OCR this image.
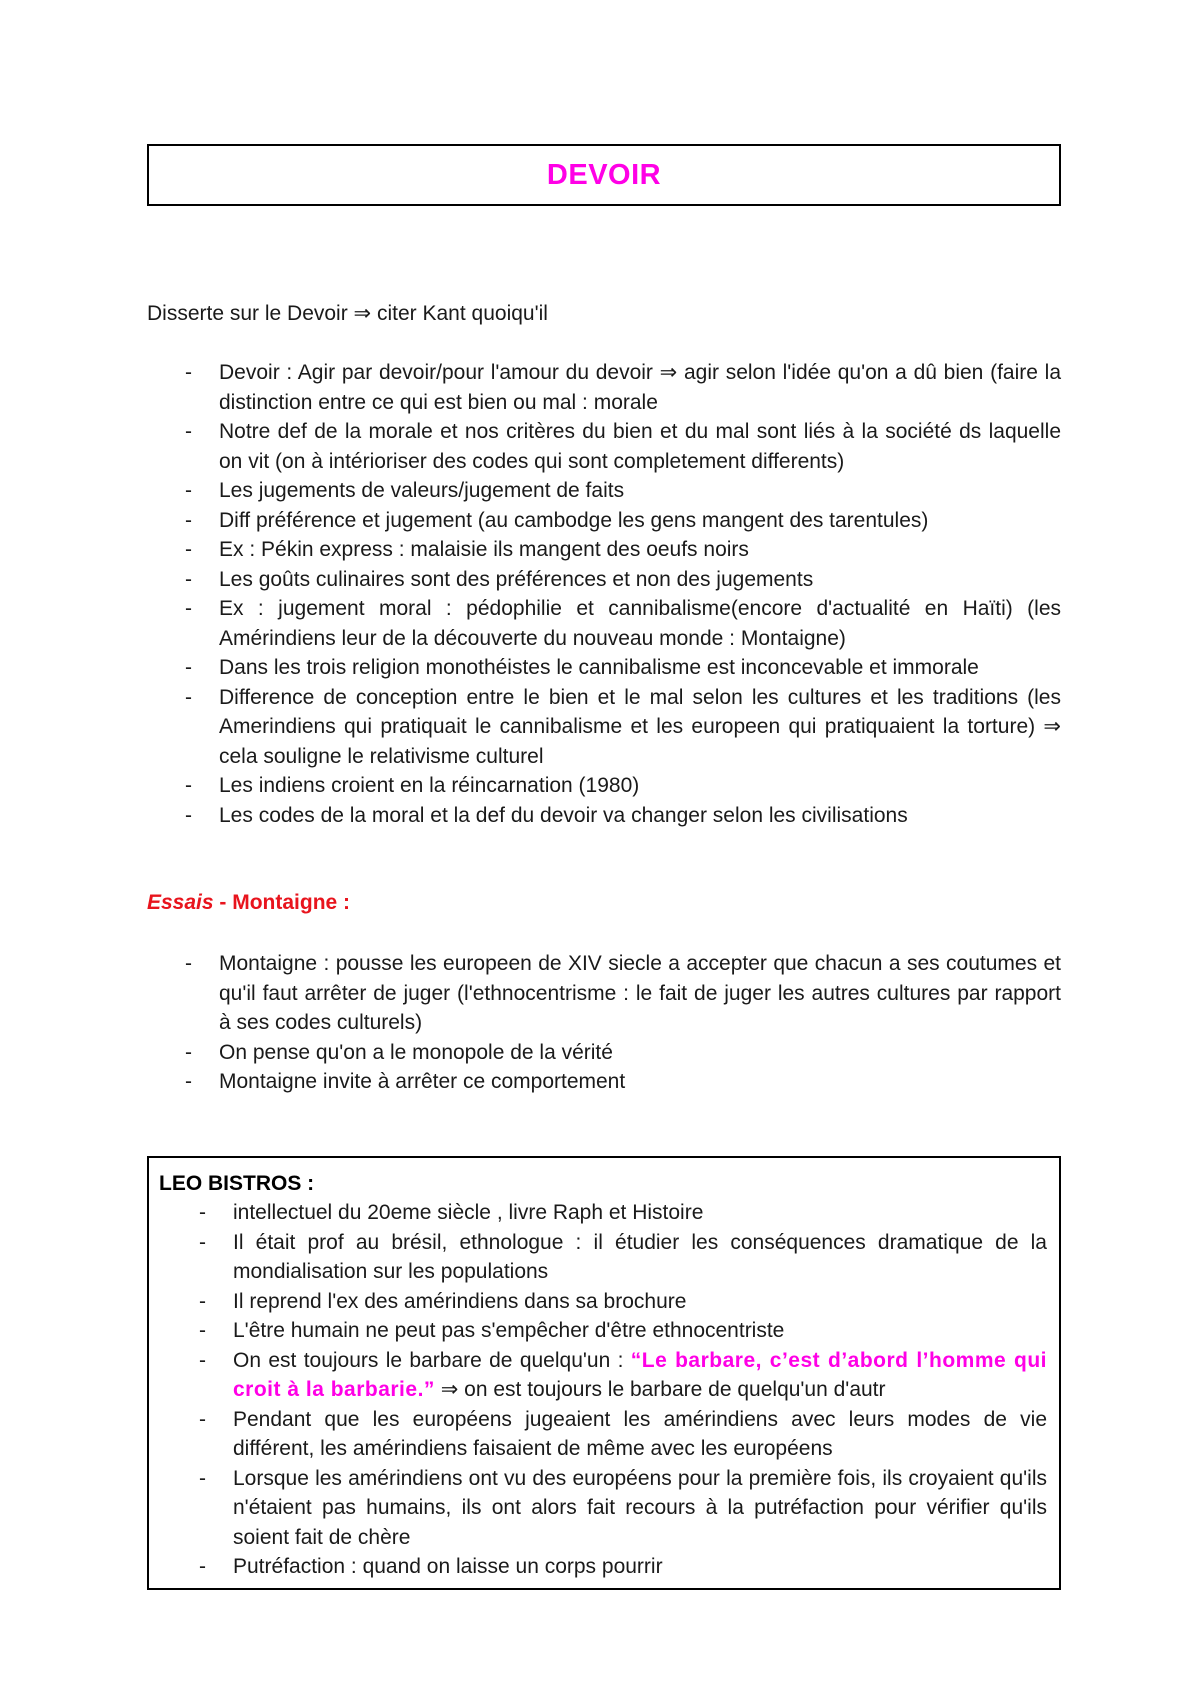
DEVOIR

Disserte sur le Devoir ⇒ citer Kant quoiqu'il

- Devoir : Agir par devoir/pour l'amour du devoir ⇒ agir selon l'idée qu'on a dû bien (faire la distinction entre ce qui est bien ou mal : morale
- Notre def de la morale et nos critères du bien et du mal sont liés à la société ds laquelle on vit (on à intérioriser des codes qui sont completement differents)
- Les jugements de valeurs/jugement de faits
- Diff préférence et jugement (au cambodge les gens mangent des tarentules)
- Ex : Pékin express : malaisie ils mangent des oeufs noirs
- Les goûts culinaires sont des préférences et non des jugements
- Ex : jugement moral : pédophilie et cannibalisme(encore d'actualité en Haïti) (les Amérindiens leur de la découverte du nouveau monde : Montaigne)
- Dans les trois religion monothéistes le cannibalisme est inconcevable et immorale
- Difference de conception entre le bien et le mal selon les cultures et les traditions (les Amerindiens qui pratiquait le cannibalisme et les europeen qui pratiquaient la torture) ⇒ cela souligne le relativisme culturel
- Les indiens croient en la réincarnation (1980)
- Les codes de la moral et la def du devoir va changer selon les civilisations

Essais - Montaigne :

- Montaigne : pousse les europeen de XIV siecle a accepter que chacun a ses coutumes et qu'il faut arrêter de juger (l'ethnocentrisme : le fait de juger les autres cultures par rapport à ses codes culturels)
- On pense qu'on a le monopole de la vérité
- Montaigne invite à arrêter ce comportement
LEO BISTROS :
- intellectuel du 20eme siècle , livre Raph et Histoire
- Il était prof au brésil, ethnologue : il étudier les conséquences dramatique de la mondialisation sur les populations
- Il reprend l'ex des amérindiens dans sa brochure
- L'être humain ne peut pas s'empêcher d'être ethnocentriste
- On est toujours le barbare de quelqu'un : “Le barbare, c’est d’abord l’homme qui croit à la barbarie.” ⇒ on est toujours le barbare de quelqu'un d'autr
- Pendant que les européens jugeaient les amérindiens avec leurs modes de vie différent, les amérindiens faisaient de même avec les européens
- Lorsque les amérindiens ont vu des européens pour la première fois, ils croyaient qu'ils n'étaient pas humains, ils ont alors fait recours à la putréfaction pour vérifier qu'ils soient fait de chère
- Putréfaction : quand on laisse un corps pourrir
